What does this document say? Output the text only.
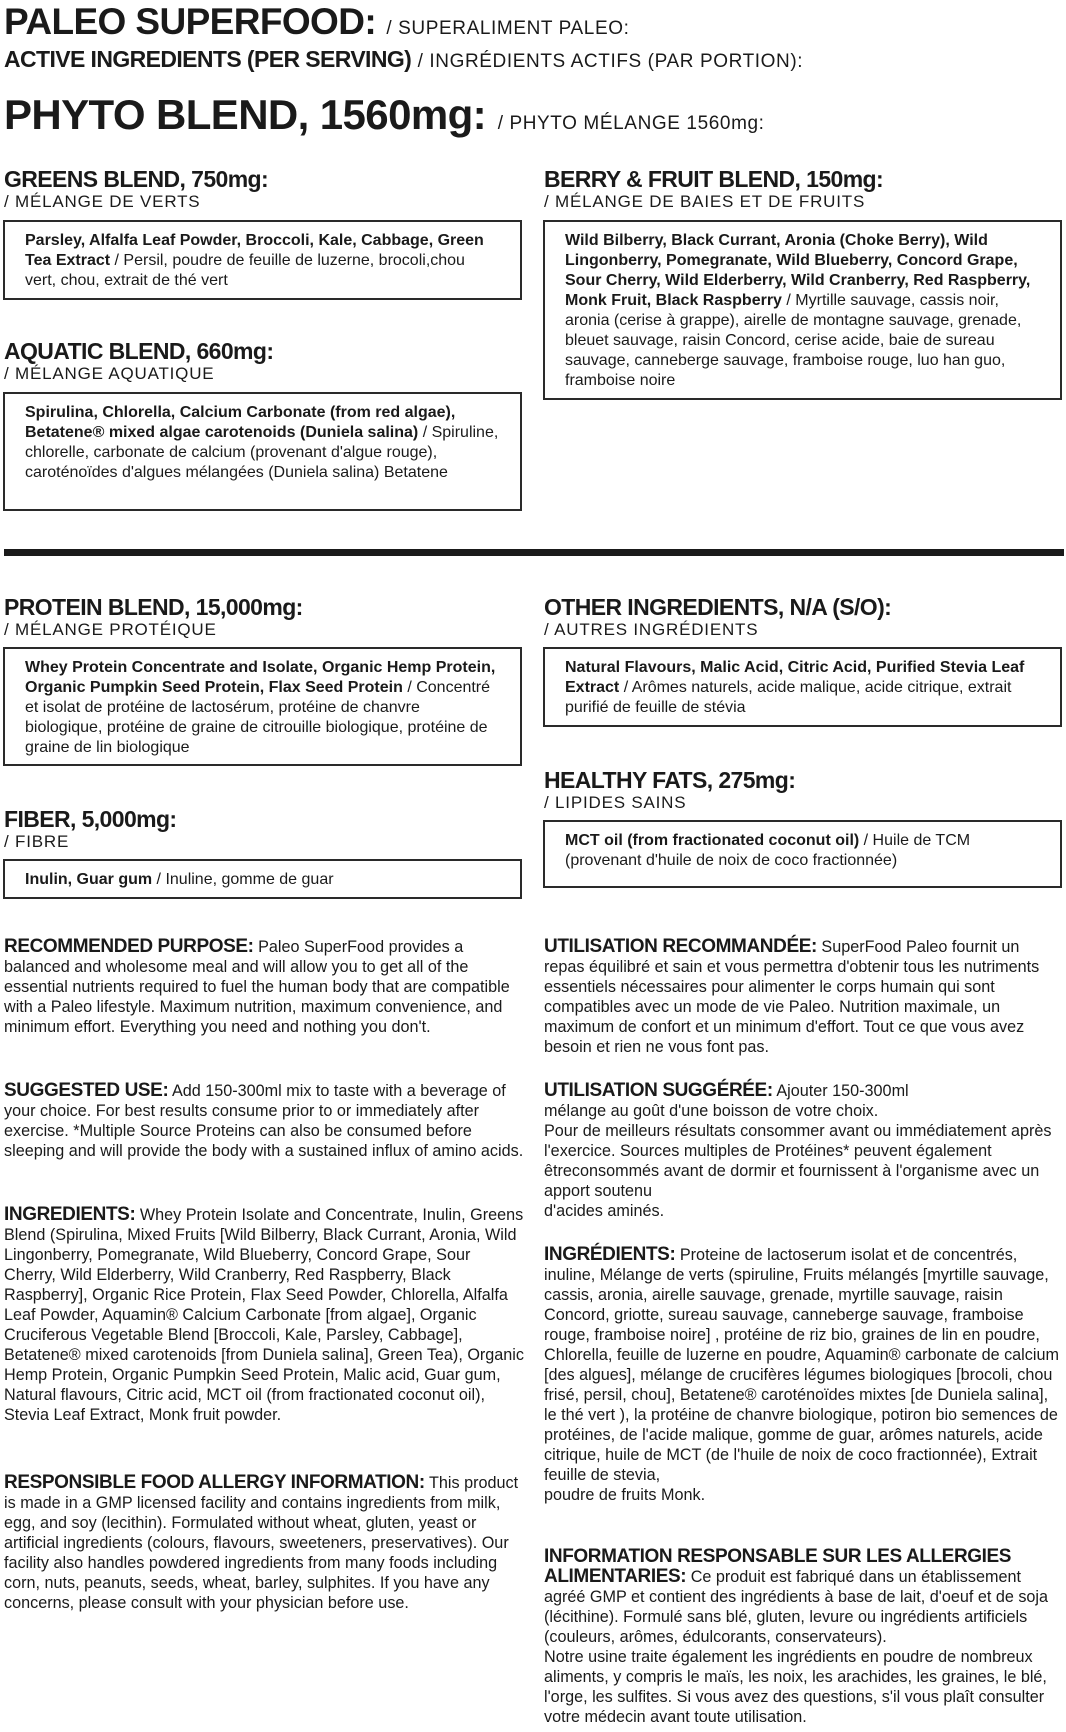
PALEO SUPERFOOD: / SUPERALIMENT PALEO:
ACTIVE INGREDIENTS (PER SERVING) / INGRÉDIENTS ACTIFS (PAR PORTION):
PHYTO BLEND, 1560mg: / PHYTO MÉLANGE 1560mg:
GREENS BLEND, 750mg:
/ MÉLANGE DE VERTS
Parsley, Alfalfa Leaf Powder, Broccoli, Kale, Cabbage, Green Tea Extract / Persil, poudre de feuille de luzerne, brocoli,chou vert, chou, extrait de thé vert
AQUATIC BLEND, 660mg:
/ MÉLANGE AQUATIQUE
Spirulina, Chlorella, Calcium Carbonate (from red algae), Betatene® mixed algae carotenoids (Duniela salina) / Spiruline, chlorelle, carbonate de calcium (provenant d'algue rouge), caroténoïdes d'algues mélangées (Duniela salina) Betatene
BERRY & FRUIT BLEND, 150mg:
/ MÉLANGE DE BAIES ET DE FRUITS
Wild Bilberry, Black Currant, Aronia (Choke Berry), Wild Lingonberry, Pomegranate, Wild Blueberry, Concord Grape, Sour Cherry, Wild Elderberry, Wild Cranberry, Red Raspberry, Monk Fruit, Black Raspberry / Myrtille sauvage, cassis noir, aronia (cerise à grappe), airelle de montagne sauvage, grenade, bleuet sauvage, raisin Concord, cerise acide, baie de sureau sauvage, canneberge sauvage, framboise rouge, luo han guo, framboise noire
PROTEIN BLEND, 15,000mg:
/ MÉLANGE PROTÉIQUE
Whey Protein Concentrate and Isolate, Organic Hemp Protein, Organic Pumpkin Seed Protein, Flax Seed Protein / Concentré et isolat de protéine de lactosérum, protéine de chanvre biologique, protéine de graine de citrouille biologique, protéine de graine de lin biologique
FIBER, 5,000mg:
/ FIBRE
Inulin, Guar gum / Inuline, gomme de guar
OTHER INGREDIENTS, N/A (S/O):
/ AUTRES INGRÉDIENTS
Natural Flavours, Malic Acid, Citric Acid, Purified Stevia Leaf Extract / Arômes naturels, acide malique, acide citrique, extrait purifié de feuille de stévia
HEALTHY FATS, 275mg:
/ LIPIDES SAINS
MCT oil (from fractionated coconut oil) / Huile de TCM (provenant d'huile de noix de coco fractionnée)
RECOMMENDED PURPOSE: Paleo SuperFood provides a balanced and wholesome meal and will allow you to get all of the essential nutrients required to fuel the human body that are compatible with a Paleo lifestyle. Maximum nutrition, maximum convenience, and minimum effort. Everything you need and nothing you don't.
SUGGESTED USE: Add 150-300ml mix to taste with a beverage of your choice. For best results consume prior to or immediately after exercise. *Multiple Source Proteins can also be consumed before sleeping and will provide the body with a sustained influx of amino acids.
INGREDIENTS: Whey Protein Isolate and Concentrate, Inulin, Greens Blend (Spirulina, Mixed Fruits [Wild Bilberry, Black Currant, Aronia, Wild Lingonberry, Pomegranate, Wild Blueberry, Concord Grape, Sour Cherry, Wild Elderberry, Wild Cranberry, Red Raspberry, Black Raspberry], Organic Rice Protein, Flax Seed Powder, Chlorella, Alfalfa Leaf Powder, Aquamin® Calcium Carbonate [from algae], Organic Cruciferous Vegetable Blend [Broccoli, Kale, Parsley, Cabbage], Betatene® mixed carotenoids [from Duniela salina], Green Tea), Organic Hemp Protein, Organic Pumpkin Seed Protein, Malic acid, Guar gum, Natural flavours, Citric acid, MCT oil (from fractionated coconut oil), Stevia Leaf Extract, Monk fruit powder.
RESPONSIBLE FOOD ALLERGY INFORMATION: This product is made in a GMP licensed facility and contains ingredients from milk, egg, and soy (lecithin). Formulated without wheat, gluten, yeast or artificial ingredients (colours, flavours, sweeteners, preservatives). Our facility also handles powdered ingredients from many foods including corn, nuts, peanuts, seeds, wheat, barley, sulphites. If you have any concerns, please consult with your physician before use.
UTILISATION RECOMMANDÉE: SuperFood Paleo fournit un repas équilibré et sain et vous permettra d'obtenir tous les nutriments essentiels nécessaires pour alimenter le corps humain qui sont compatibles avec un mode de vie Paleo. Nutrition maximale, un maximum de confort et un minimum d'effort. Tout ce que vous avez besoin et rien ne vous font pas.
UTILISATION SUGGÉRÉE: Ajouter 150-300ml
mélange au goût d'une boisson de votre choix.
Pour de meilleurs résultats consommer avant ou immédiatement après l'exercice. Sources multiples de Protéines* peuvent également êtreconsommés avant de dormir et fournissent à l'organisme avec un apport soutenu
d'acides aminés.
INGRÉDIENTS: Proteine de lactoserum isolat et de concentrés, inuline, Mélange de verts (spiruline, Fruits mélangés [myrtille sauvage, cassis, aronia, airelle sauvage, grenade, myrtille sauvage, raisin Concord, griotte, sureau sauvage, canneberge sauvage, framboise rouge, framboise noire] , protéine de riz bio, graines de lin en poudre, Chlorella, feuille de luzerne en poudre, Aquamin® carbonate de calcium [des algues], mélange de crucifères légumes biologiques [brocoli, chou frisé, persil, chou], Betatene® caroténoïdes mixtes [de Duniela salina], le thé vert ), la protéine de chanvre biologique, potiron bio semences de protéines, de l'acide malique, gomme de guar, arômes naturels, acide citrique, huile de MCT (de l'huile de noix de coco fractionnée), Extrait feuille de stevia,
poudre de fruits Monk.
INFORMATION RESPONSABLE SUR LES ALLERGIES
ALIMENTARIES: Ce produit est fabriqué dans un établissement agréé GMP et contient des ingrédients à base de lait, d'oeuf et de soja (lécithine). Formulé sans blé, gluten, levure ou ingrédients artificiels (couleurs, arômes, édulcorants, conservateurs).
Notre usine traite également les ingrédients en poudre de nombreux aliments, y compris le maïs, les noix, les arachides, les graines, le blé, l'orge, les sulfites. Si vous avez des questions, s'il vous plaît consulter votre médecin avant toute utilisation.
